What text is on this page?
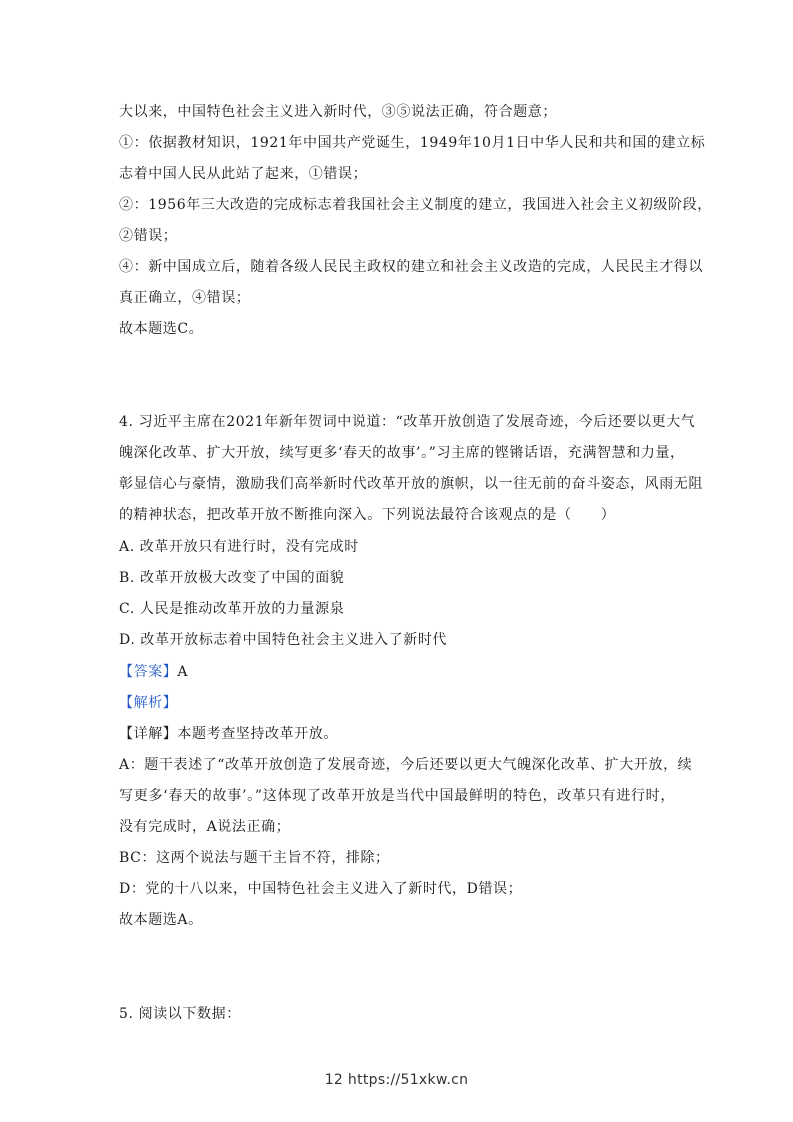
大以来，中国特色社会主义进入新时代，③⑤说法正确，符合题意；
①：依据教材知识，1921年中国共产党诞生，1949年10月1日中华人民和共和国的建立标
志着中国人民从此站了起来，①错误；
②：1956年三大改造的完成标志着我国社会主义制度的建立，我国进入社会主义初级阶段，
②错误；
④：新中国成立后，随着各级人民民主政权的建立和社会主义改造的完成，人民民主才得以
真正确立，④错误；
故本题选C。
4. 习近平主席在2021年新年贺词中说道：“改革开放创造了发展奇迹，今后还要以更大气
魄深化改革、扩大开放，续写更多‘春天的故事’。”习主席的铿锵话语，充满智慧和力量，
彰显信心与豪情，激励我们高举新时代改革开放的旗帜，以一往无前的奋斗姿态，风雨无阻
的精神状态，把改革开放不断推向深入。下列说法最符合该观点的是（　　）
A. 改革开放只有进行时，没有完成时
B. 改革开放极大改变了中国的面貌
C. 人民是推动改革开放的力量源泉
D. 改革开放标志着中国特色社会主义进入了新时代
【答案】A
【解析】
【详解】本题考查坚持改革开放。
A：题干表述了“改革开放创造了发展奇迹，今后还要以更大气魄深化改革、扩大开放，续
写更多‘春天的故事’。”这体现了改革开放是当代中国最鲜明的特色，改革只有进行时，
没有完成时，A说法正确；
BC：这两个说法与题干主旨不符，排除；
D：党的十八以来，中国特色社会主义进入了新时代，D错误；
故本题选A。
5. 阅读以下数据：
12 https://51xkw.cn
